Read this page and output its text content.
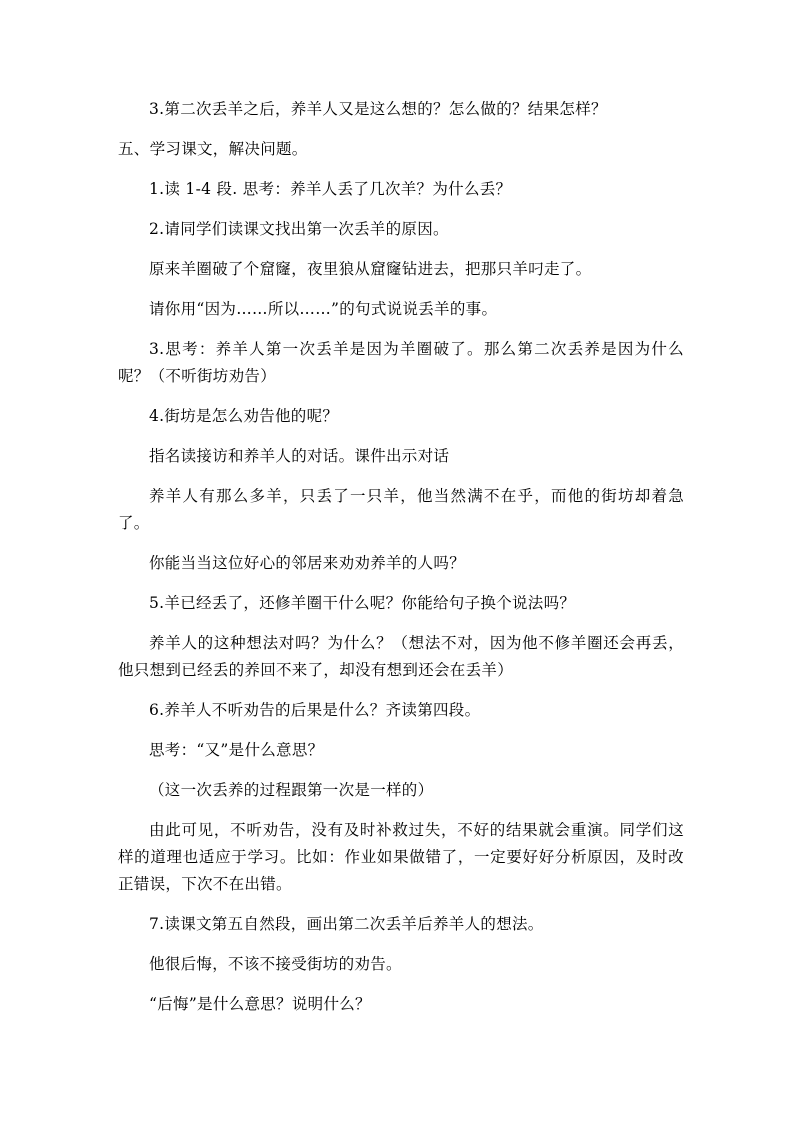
3.第二次丢羊之后，养羊人又是这么想的？怎么做的？结果怎样？

五、学习课文，解决问题。

1.读 1-4 段. 思考：养羊人丢了几次羊？为什么丢？

2.请同学们读课文找出第一次丢羊的原因。

原来羊圈破了个窟窿，夜里狼从窟窿钻进去，把那只羊叼走了。

请你用“因为……所以……”的句式说说丢羊的事。

3.思考：养羊人第一次丢羊是因为羊圈破了。那么第二次丢养是因为什么呢？（不听街坊劝告）

4.街坊是怎么劝告他的呢？

指名读接访和养羊人的对话。课件出示对话

养羊人有那么多羊，只丢了一只羊，他当然满不在乎，而他的街坊却着急了。

你能当当这位好心的邻居来劝劝养羊的人吗？

5.羊已经丢了，还修羊圈干什么呢？你能给句子换个说法吗？

养羊人的这种想法对吗？为什么？（想法不对，因为他不修羊圈还会再丢，他只想到已经丢的养回不来了，却没有想到还会在丢羊）

6.养羊人不听劝告的后果是什么？齐读第四段。

思考：“又”是什么意思？

（这一次丢养的过程跟第一次是一样的）

由此可见，不听劝告，没有及时补救过失，不好的结果就会重演。同学们这样的道理也适应于学习。比如：作业如果做错了，一定要好好分析原因，及时改正错误，下次不在出错。

7.读课文第五自然段，画出第二次丢羊后养羊人的想法。

他很后悔，不该不接受街坊的劝告。

“后悔”是什么意思？说明什么？
